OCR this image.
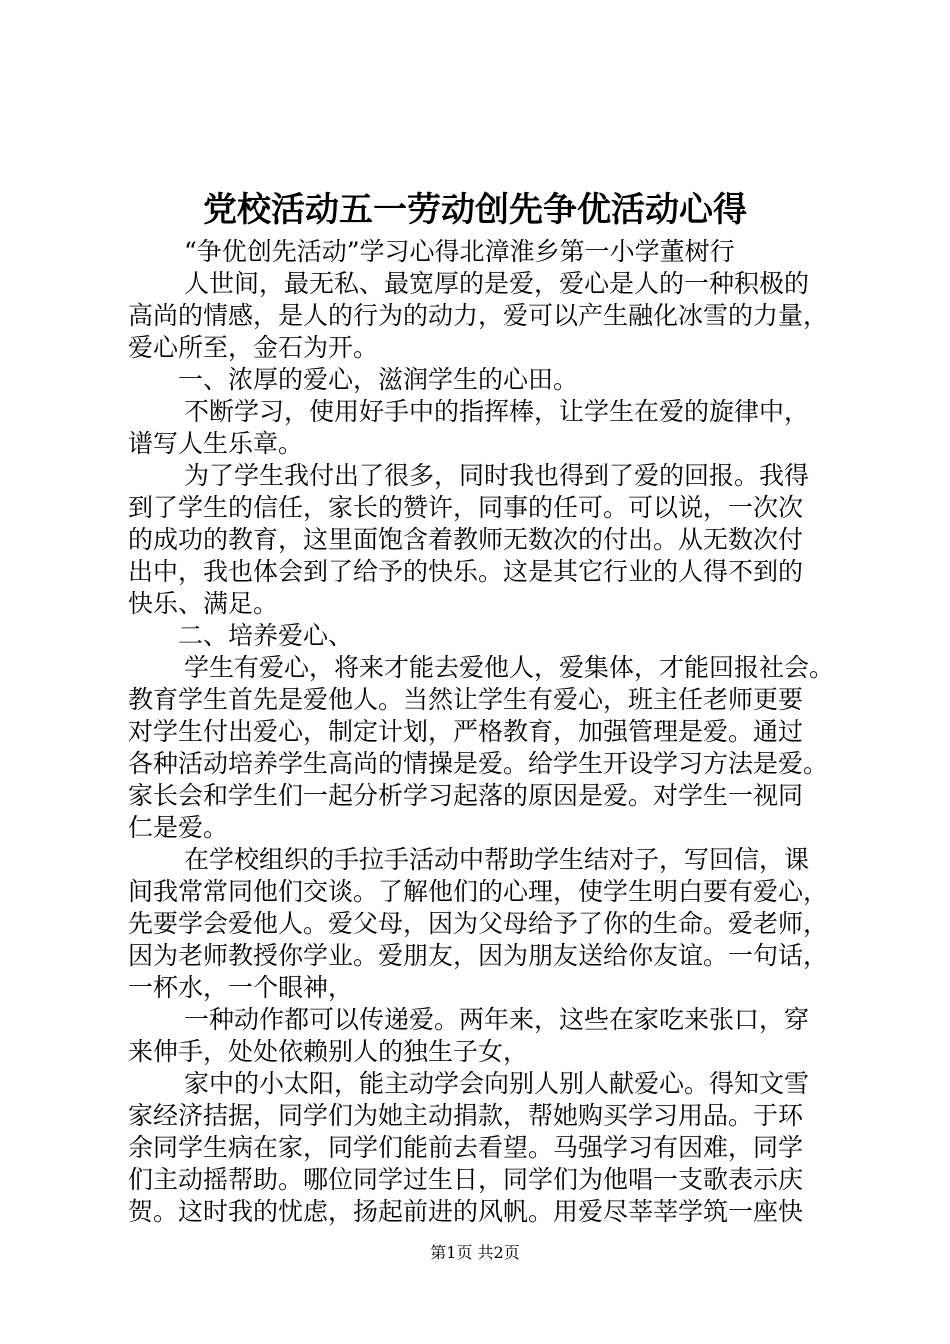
党校活动五一劳动创先争优活动心得
“争优创先活动”学习心得北漳淮乡第一小学董树行
人世间，最无私、最宽厚的是爱，爱心是人的一种积极的
高尚的情感，是人的行为的动力，爱可以产生融化冰雪的力量，
爱心所至，金石为开。
一、浓厚的爱心，滋润学生的心田。
不断学习，使用好手中的指挥棒，让学生在爱的旋律中，
谱写人生乐章。
为了学生我付出了很多，同时我也得到了爱的回报。我得
到了学生的信任，家长的赞许，同事的任可。可以说，一次次
的成功的教育，这里面饱含着教师无数次的付出。从无数次付
出中，我也体会到了给予的快乐。这是其它行业的人得不到的
快乐、满足。
二、培养爱心、
学生有爱心，将来才能去爱他人，爱集体，才能回报社会。
教育学生首先是爱他人。当然让学生有爱心，班主任老师更要
对学生付出爱心，制定计划，严格教育，加强管理是爱。通过
各种活动培养学生高尚的情操是爱。给学生开设学习方法是爱。
家长会和学生们一起分析学习起落的原因是爱。对学生一视同
仁是爱。
在学校组织的手拉手活动中帮助学生结对子，写回信，课
间我常常同他们交谈。了解他们的心理，使学生明白要有爱心，
先要学会爱他人。爱父母，因为父母给予了你的生命。爱老师，
因为老师教授你学业。爱朋友，因为朋友送给你友谊。一句话，
一杯水，一个眼神，
一种动作都可以传递爱。两年来，这些在家吃来张口，穿
来伸手，处处依赖别人的独生子女，
家中的小太阳，能主动学会向别人别人献爱心。得知文雪
家经济拮据，同学们为她主动捐款，帮她购买学习用品。于环
余同学生病在家，同学们能前去看望。马强学习有因难，同学
们主动摇帮助。哪位同学过生日，同学们为他唱一支歌表示庆
贺。这时我的忧虑，扬起前进的风帆。用爱尽莘莘学筑一座快
第1页 共2页
